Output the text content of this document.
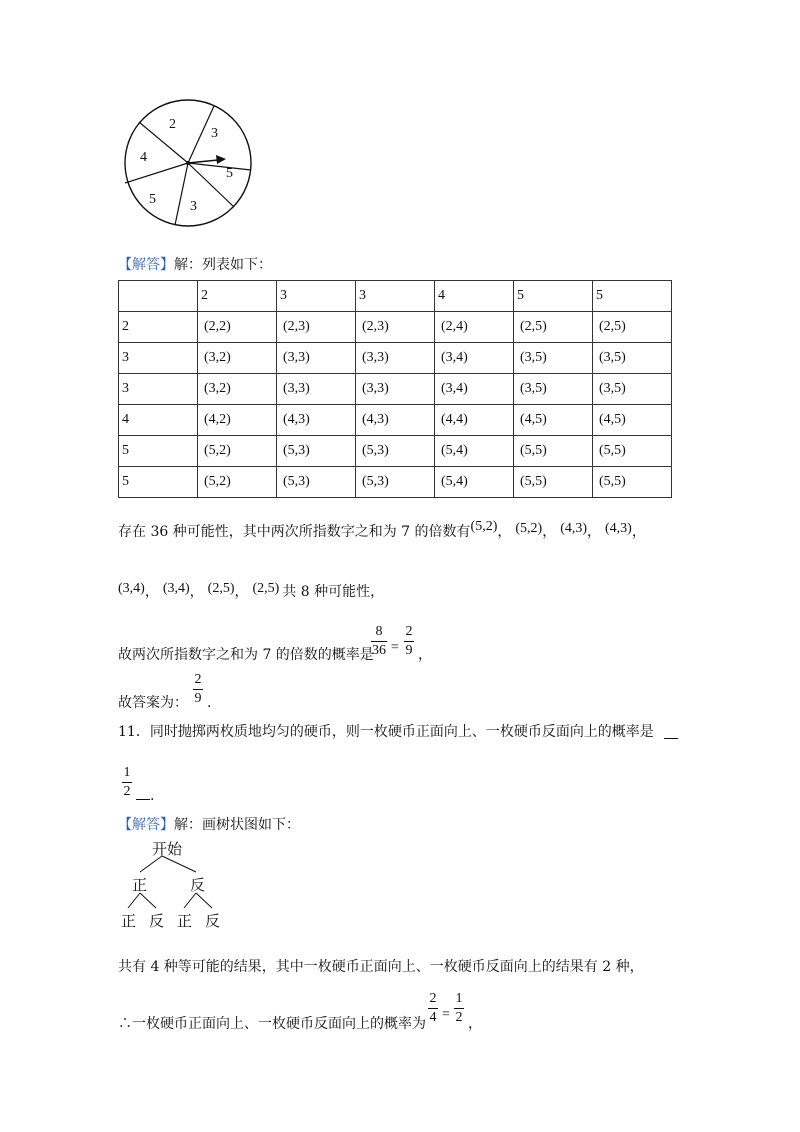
2
3
5
3
5
4
【解答】解：列表如下：
	2	3	3	4	5	5
2	(2,2)	(2,3)	(2,3)	(2,4)	(2,5)	(2,5)
3	(3,2)	(3,3)	(3,3)	(3,4)	(3,5)	(3,5)
3	(3,2)	(3,3)	(3,3)	(3,4)	(3,5)	(3,5)
4	(4,2)	(4,3)	(4,3)	(4,4)	(4,5)	(4,5)
5	(5,2)	(5,3)	(5,3)	(5,4)	(5,5)	(5,5)
5	(5,2)	(5,3)	(5,3)	(5,4)	(5,5)	(5,5)
存在 36 种可能性，其中两次所指数字之和为 7 的倍数有(5,2)， (5,2)， (4,3)， (4,3)，
(3,4)， (3,4)， (2,5)， (2,5) 共 8 种可能性，
故两次所指数字之和为 7 的倍数的概率是
8
36 =
2
9 ，
故答案为：
2
9 .
11．同时抛掷两枚质地均匀的硬币，则一枚硬币正面向上、一枚硬币反面向上的概率是
1
2 .
【解答】解：画树状图如下：
开始
正	反
正 反 正 反
共有 4 种等可能的结果，其中一枚硬币正面向上、一枚硬币反面向上的结果有 2 种，
∴一枚硬币正面向上、一枚硬币反面向上的概率为
2
4 =
1
2 ，
